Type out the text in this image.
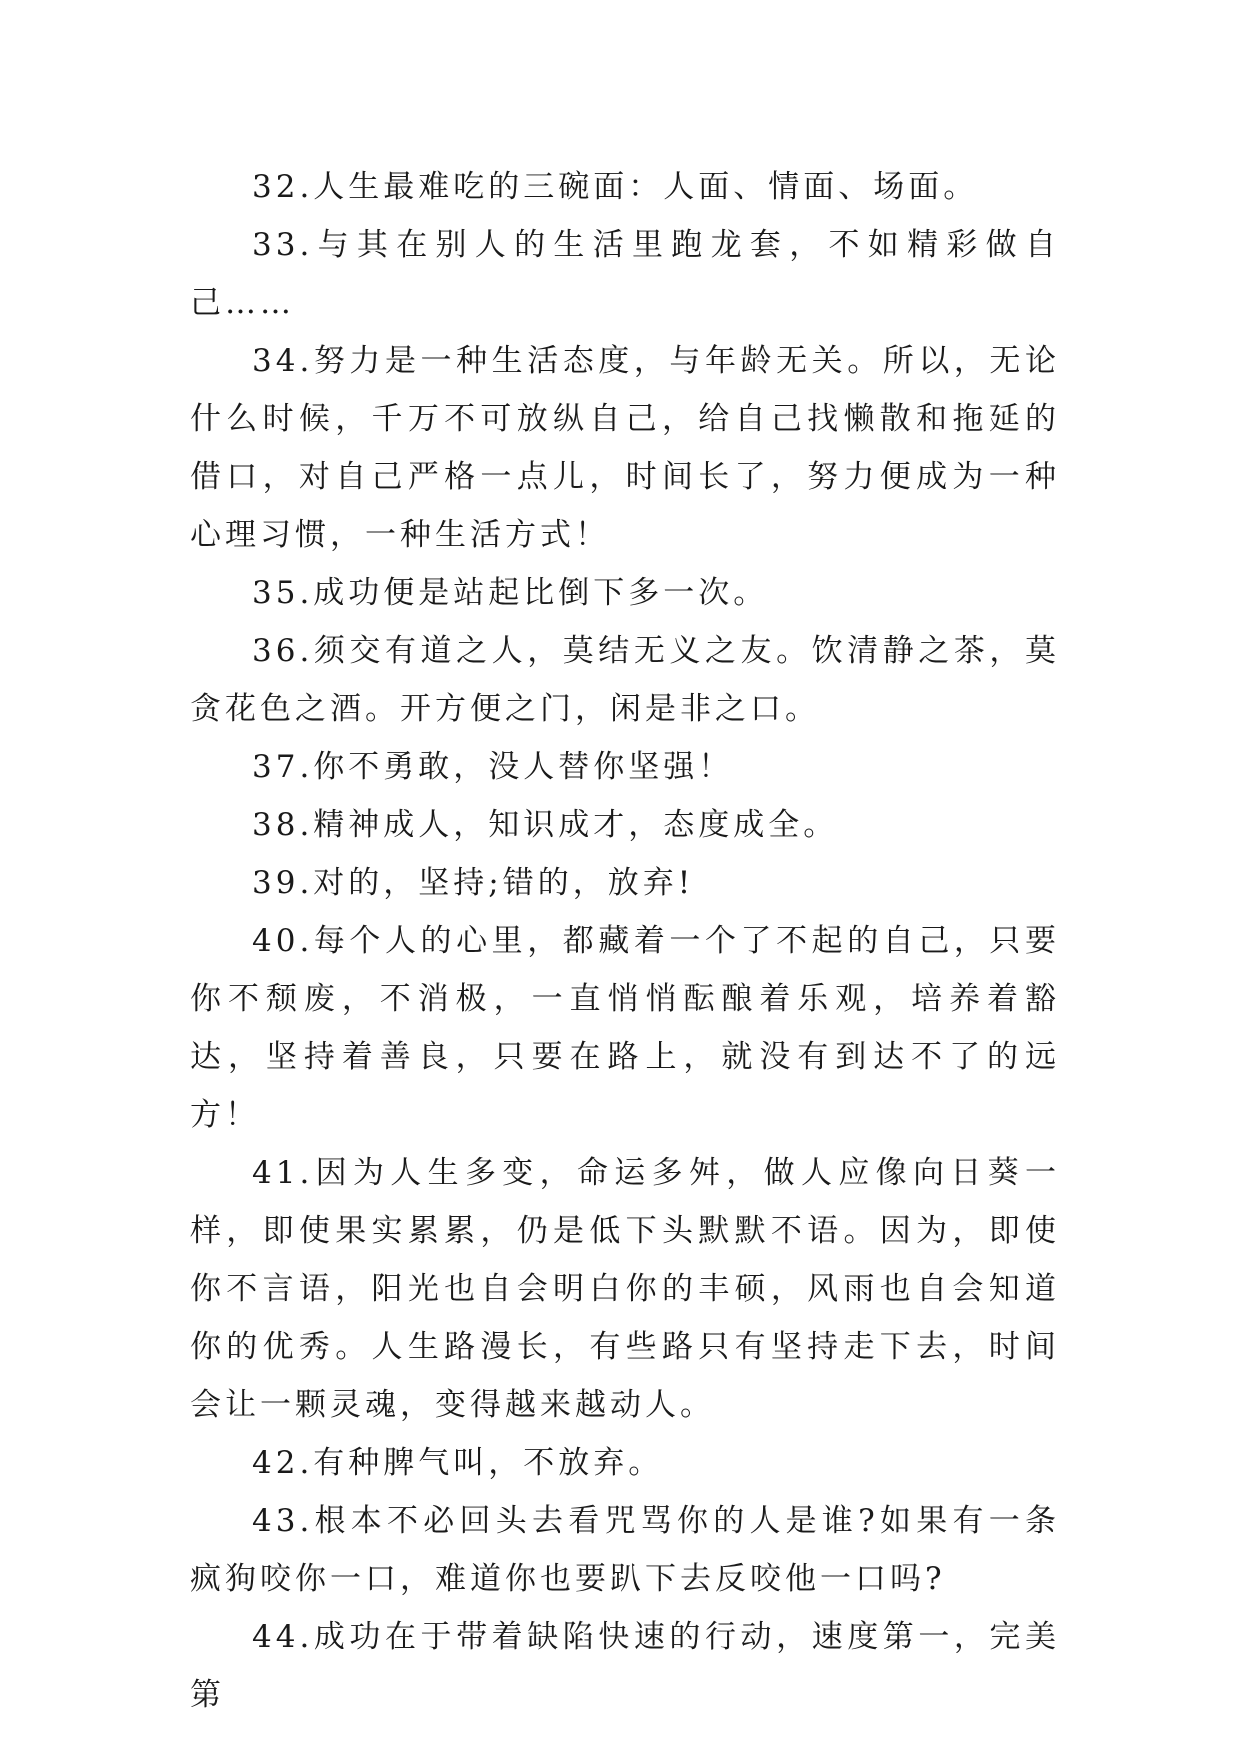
32.人生最难吃的三碗面：人面、情面、场面。

33.与其在别人的生活里跑龙套，不如精彩做自己……

34.努力是一种生活态度，与年龄无关。所以，无论什么时候，千万不可放纵自己，给自己找懒散和拖延的借口，对自己严格一点儿，时间长了，努力便成为一种心理习惯，一种生活方式！

35.成功便是站起比倒下多一次。

36.须交有道之人，莫结无义之友。饮清静之茶，莫贪花色之酒。开方便之门，闲是非之口。

37.你不勇敢，没人替你坚强！

38.精神成人，知识成才，态度成全。

39.对的，坚持;错的，放弃!

40.每个人的心里，都藏着一个了不起的自己，只要你不颓废，不消极，一直悄悄酝酿着乐观，培养着豁达，坚持着善良，只要在路上，就没有到达不了的远方！

41.因为人生多变，命运多舛，做人应像向日葵一样，即使果实累累，仍是低下头默默不语。因为，即使你不言语，阳光也自会明白你的丰硕，风雨也自会知道你的优秀。人生路漫长，有些路只有坚持走下去，时间会让一颗灵魂，变得越来越动人。

42.有种脾气叫，不放弃。

43.根本不必回头去看咒骂你的人是谁?如果有一条疯狗咬你一口，难道你也要趴下去反咬他一口吗?

44.成功在于带着缺陷快速的行动，速度第一，完美第
